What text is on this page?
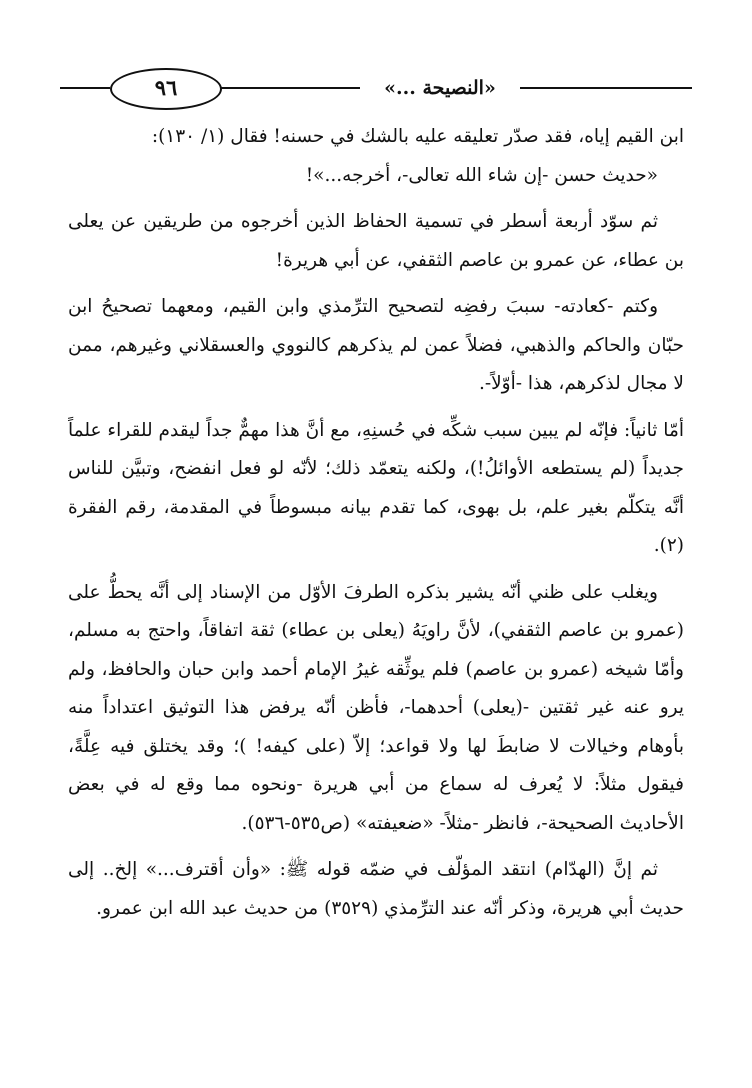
٩٦	«النصيحة ...»

ابن القيم إياه، فقد صدّر تعليقه عليه بالشك في حسنه! فقال (١/ ١٣٠):

«حديث حسن -إن شاء الله تعالى-، أخرجه...»!

ثم سوّد أربعة أسطر في تسمية الحفاظ الذين أخرجوه من طريقين عن يعلى بن عطاء، عن عمرو بن عاصم الثقفي، عن أبي هريرة!

وكتم -كعادته- سببَ رفضِه لتصحيح الترِّمذي وابن القيم، ومعهما تصحيحُ ابن حبّان والحاكم والذهبي، فضلاً عمن لم يذكرهم كالنووي والعسقلاني وغيرهم، ممن لا مجال لذكرهم، هذا -أوّلاً-.

أمّا ثانياً: فإنّه لم يبين سبب شكِّه في حُسنِهِ، مع أنَّ هذا مهمٌّ جداً ليقدم للقراء علماً جديداً (لم يستطعه الأوائلُ!)، ولكنه يتعمّد ذلك؛ لأنّه لو فعل انفضح، وتبيَّن للناس أنَّه يتكلّم بغير علم، بل بهوى، كما تقدم بيانه مبسوطاً في المقدمة، رقم الفقرة (٢).

ويغلب على ظني أنّه يشير بذكره الطرفَ الأوّل من الإسناد إلى أنَّه يحطُّ على (عمرو بن عاصم الثقفي)، لأنَّ راويَهُ (يعلى بن عطاء) ثقة اتفاقاً، واحتج به مسلم، وأمّا شيخه (عمرو بن عاصم) فلم يوثِّقه غيرُ الإمام أحمد وابن حبان والحافظ، ولم يرو عنه غير ثقتين -(يعلى) أحدهما-، فأظن أنّه يرفض هذا التوثيق اعتداداً منه بأوهام وخيالات لا ضابطَ لها ولا قواعد؛ إلاّ (على كيفه! )؛ وقد يختلق فيه عِلَّةً، فيقول مثلاً: لا يُعرف له سماع من أبي هريرة -ونحوه مما وقع له في بعض الأحاديث الصحيحة-، فانظر -مثلاً- «ضعيفته» (ص٥٣٥-٥٣٦).

ثم إنَّ (الهدّام) انتقد المؤلّف في ضمّه قوله ﷺ: «وأن أقترف...» إلخ.. إلى حديث أبي هريرة، وذكر أنّه عند الترِّمذي (٣٥٢٩) من حديث عبد الله ابن عمرو.
